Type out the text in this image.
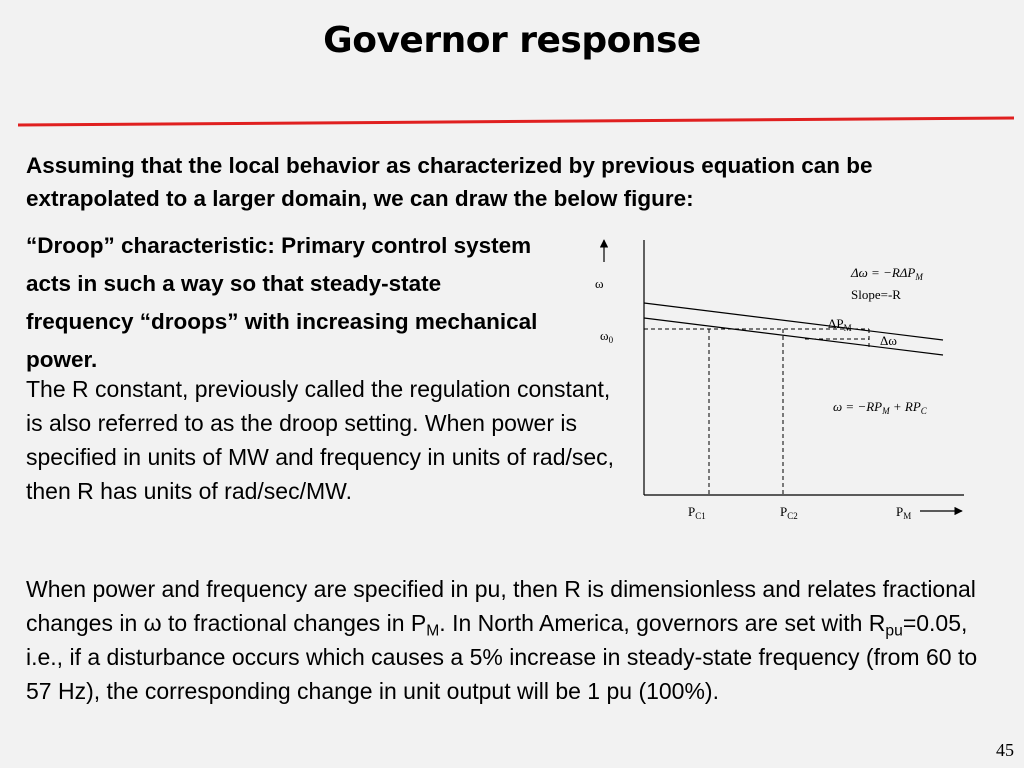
Governor response
Assuming that the local behavior as characterized by previous equation can be extrapolated to a larger domain, we can draw the below figure:
“Droop” characteristic: Primary control system acts in such a way so that steady-state frequency “droops” with increasing mechanical power.
The R constant, previously called the regulation constant, is also referred to as the droop setting. When power is specified in units of MW and frequency in units of rad/sec, then R has units of rad/sec/MW.
When power and frequency are specified in pu, then R is dimensionless and relates fractional changes in ω to fractional changes in $P_M$. In North America, governors are set with $R_{pu}=0.05$, i.e., if a disturbance occurs which causes a 5% increase in steady-state frequency (from 60 to 57 Hz), the corresponding change in unit output will be 1 pu (100%).
ω
$\omega_0$
$P_{C1}$	$P_{C2}$	$P_M$
$\Delta\omega = -R\Delta P_M$
Slope=-R
$\Delta P_M$
Δω
$\omega = -RP_M + RP_C$
45
